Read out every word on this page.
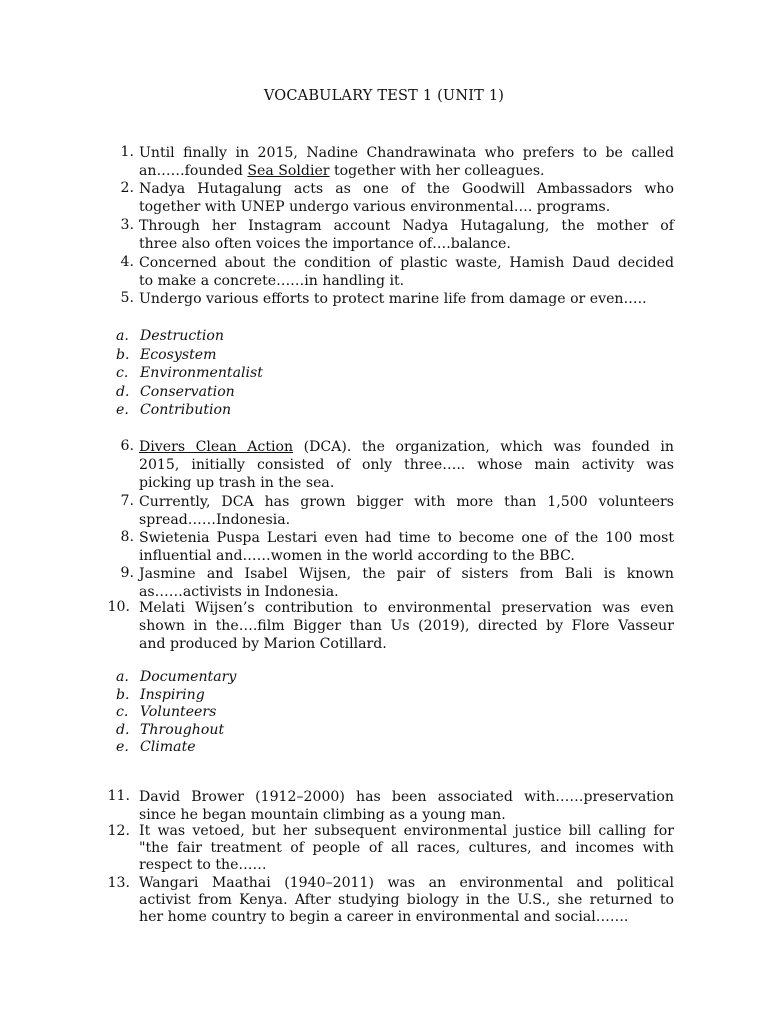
VOCABULARY TEST 1 (UNIT 1)
1. Until finally in 2015, Nadine Chandrawinata who prefers to be called
an……founded Sea Soldier together with her colleagues.
2. Nadya Hutagalung acts as one of the Goodwill Ambassadors who
together with UNEP undergo various environmental…. programs.
3. Through her Instagram account Nadya Hutagalung, the mother of
three also often voices the importance of….balance.
4. Concerned about the condition of plastic waste, Hamish Daud decided
to make a concrete……in handling it.
5. Undergo various efforts to protect marine life from damage or even…..
a. Destruction
b. Ecosystem
c. Environmentalist
d. Conservation
e. Contribution
6. Divers Clean Action (DCA). the organization, which was founded in
2015, initially consisted of only three….. whose main activity was
picking up trash in the sea.
7. Currently, DCA has grown bigger with more than 1,500 volunteers
spread……Indonesia.
8. Swietenia Puspa Lestari even had time to become one of the 100 most
influential and……women in the world according to the BBC.
9. Jasmine and Isabel Wijsen, the pair of sisters from Bali is known
as……activists in Indonesia.
10. Melati Wijsen’s contribution to environmental preservation was even
shown in the….film Bigger than Us (2019), directed by Flore Vasseur
and produced by Marion Cotillard.
a. Documentary
b. Inspiring
c. Volunteers
d. Throughout
e. Climate
11. David Brower (1912–2000) has been associated with……preservation
since he began mountain climbing as a young man.
12. It was vetoed, but her subsequent environmental justice bill calling for
"the fair treatment of people of all races, cultures, and incomes with
respect to the……
13. Wangari Maathai (1940–2011) was an environmental and political
activist from Kenya. After studying biology in the U.S., she returned to
her home country to begin a career in environmental and social…….
